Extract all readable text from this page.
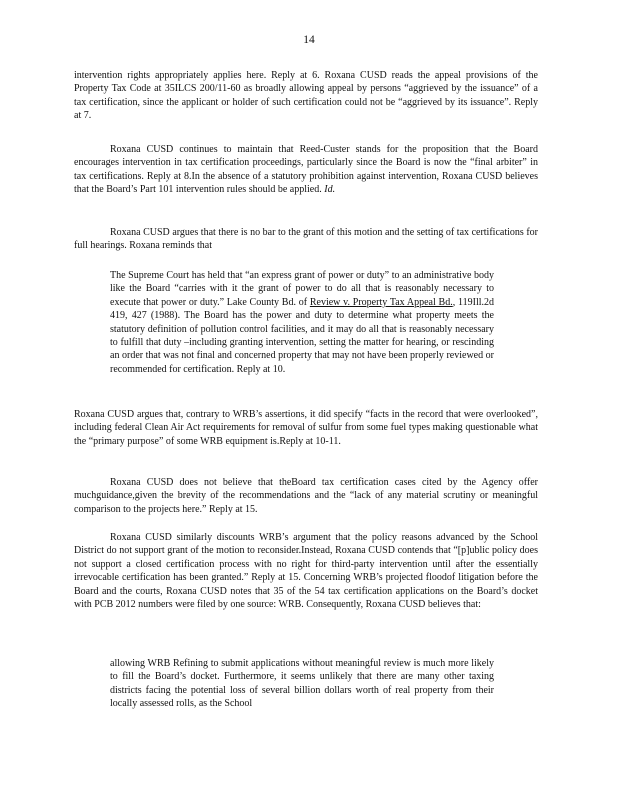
14

intervention rights appropriately applies here. Reply at 6. Roxana CUSD reads the appeal provisions of the Property Tax Code at 35ILCS 200/11-60 as broadly allowing appeal by persons “aggrieved by the issuance” of a tax certification, since the applicant or holder of such certification could not be “aggrieved by its issuance”. Reply at 7.

Roxana CUSD continues to maintain that Reed-Custer stands for the proposition that the Board encourages intervention in tax certification proceedings, particularly since the Board is now the “final arbiter” in tax certifications. Reply at 8.In the absence of a statutory prohibition against intervention, Roxana CUSD believes that the Board’s Part 101 intervention rules should be applied. Id.

Roxana CUSD argues that there is no bar to the grant of this motion and the setting of tax certifications for full hearings. Roxana reminds that

The Supreme Court has held that “an express grant of power or duty” to an administrative body like the Board “carries with it the grant of power to do all that is reasonably necessary to execute that power or duty.” Lake County Bd. of Review v. Property Tax Appeal Bd., 119Ill.2d 419, 427 (1988). The Board has the power and duty to determine what property meets the statutory definition of pollution control facilities, and it may do all that is reasonably necessary to fulfill that duty –including granting intervention, setting the matter for hearing, or rescinding an order that was not final and concerned property that may not have been properly reviewed or recommended for certification. Reply at 10.

Roxana CUSD argues that, contrary to WRB’s assertions, it did specify “facts in the record that were overlooked”, including federal Clean Air Act requirements for removal of sulfur from some fuel types making questionable what the “primary purpose” of some WRB equipment is.Reply at 10-11.

Roxana CUSD does not believe that theBoard tax certification cases cited by the Agency offer muchguidance,given the brevity of the recommendations and the “lack of any material scrutiny or meaningful comparison to the projects here.” Reply at 15.

Roxana CUSD similarly discounts WRB’s argument that the policy reasons advanced by the School District do not support grant of the motion to reconsider.Instead, Roxana CUSD contends that “[p]ublic policy does not support a closed certification process with no right for third-party intervention until after the essentially irrevocable certification has been granted.” Reply at 15. Concerning WRB’s projected floodof litigation before the Board and the courts, Roxana CUSD notes that 35 of the 54 tax certification applications on the Board’s docket with PCB 2012 numbers were filed by one source: WRB. Consequently, Roxana CUSD believes that:

allowing WRB Refining to submit applications without meaningful review is much more likely to fill the Board’s docket. Furthermore, it seems unlikely that there are many other taxing districts facing the potential loss of several billion dollars worth of real property from their locally assessed rolls, as the School
